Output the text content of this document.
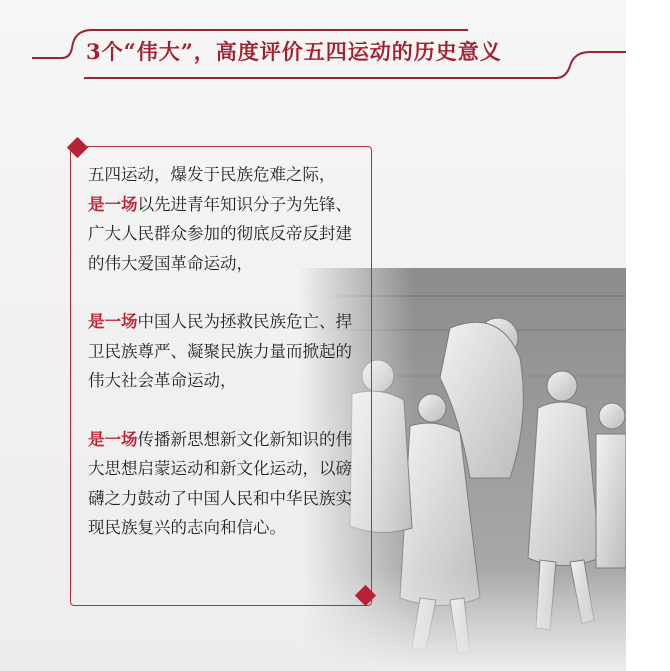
3个“伟大”，高度评价五四运动的历史意义

五四运动，爆发于民族危难之际，
是一场以先进青年知识分子为先锋、广大人民群众参加的彻底反帝反封建的伟大爱国革命运动，

是一场中国人民为拯救民族危亡、捍卫民族尊严、凝聚民族力量而掀起的伟大社会革命运动，

是一场传播新思想新文化新知识的伟大思想启蒙运动和新文化运动，以磅礴之力鼓动了中国人民和中华民族实现民族复兴的志向和信心。
